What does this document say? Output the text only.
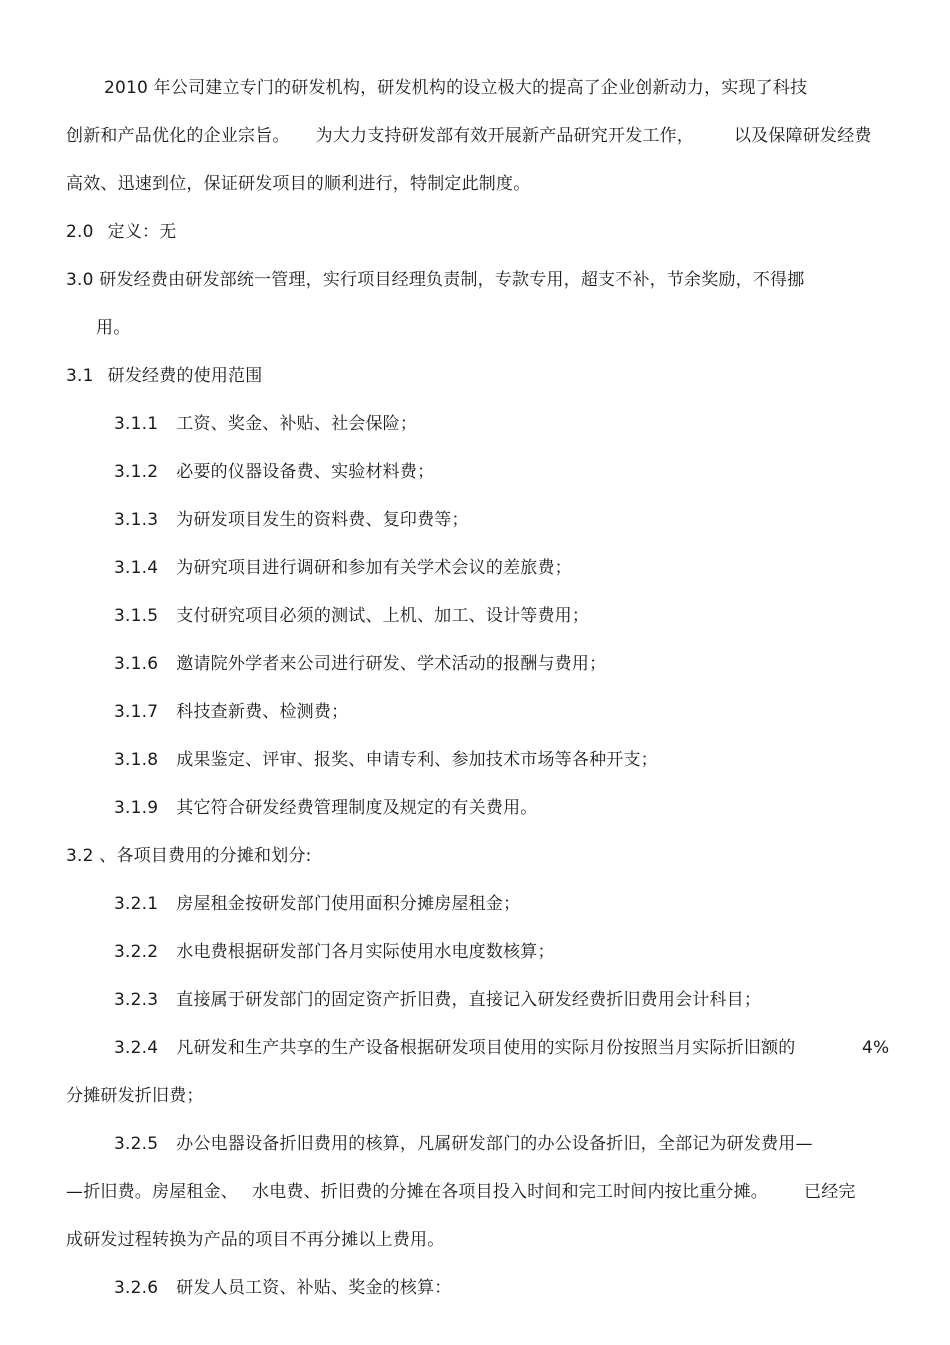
2010 年公司建立专门的研发机构，研发机构的设立极大的提高了企业创新动力，实现了科技
创新和产品优化的企业宗旨。 为大力支持研发部有效开展新产品研究开发工作， 以及保障研发经费
高效、迅速到位，保证研发项目的顺利进行，特制定此制度。
2.0 定义：无
3.0 研发经费由研发部统一管理，实行项目经理负责制，专款专用，超支不补，节余奖励，不得挪
用。
3.1 研发经费的使用范围
3.1.1 工资、奖金、补贴、社会保险；
3.1.2 必要的仪器设备费、实验材料费；
3.1.3 为研发项目发生的资料费、复印费等；
3.1.4 为研究项目进行调研和参加有关学术会议的差旅费；
3.1.5 支付研究项目必须的测试、上机、加工、设计等费用；
3.1.6 邀请院外学者来公司进行研发、学术活动的报酬与费用；
3.1.7 科技查新费、检测费；
3.1.8 成果鉴定、评审、报奖、申请专利、参加技术市场等各种开支；
3.1.9 其它符合研发经费管理制度及规定的有关费用。
3.2 、各项目费用的分摊和划分:
3.2.1 房屋租金按研发部门使用面积分摊房屋租金；
3.2.2 水电费根据研发部门各月实际使用水电度数核算；
3.2.3 直接属于研发部门的固定资产折旧费，直接记入研发经费折旧费用会计科目；
3.2.4 凡研发和生产共享的生产设备根据研发项目使用的实际月份按照当月实际折旧额的	4%
分摊研发折旧费；
3.2.5 办公电器设备折旧费用的核算，凡属研发部门的办公设备折旧，全部记为研发费用—
—折旧费。房屋租金、 水电费、折旧费的分摊在各项目投入时间和完工时间内按比重分摊。 已经完
成研发过程转换为产品的项目不再分摊以上费用。
3.2.6 研发人员工资、补贴、奖金的核算：
